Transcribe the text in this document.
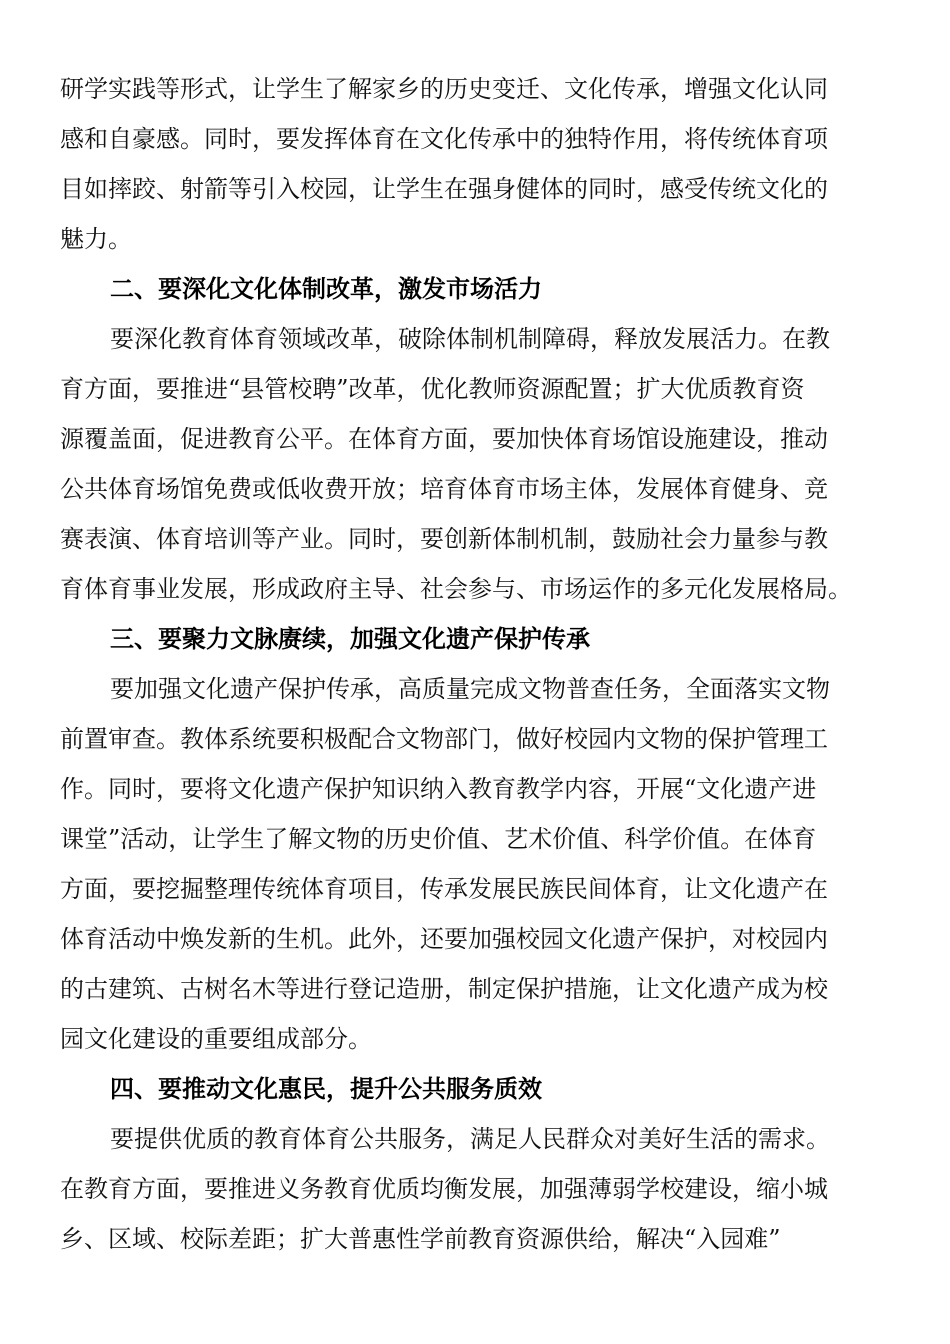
研学实践等形式，让学生了解家乡的历史变迁、文化传承，增强文化认同
感和自豪感。同时，要发挥体育在文化传承中的独特作用，将传统体育项
目如摔跤、射箭等引入校园，让学生在强身健体的同时，感受传统文化的
魅力。
二、要深化文化体制改革，激发市场活力
要深化教育体育领域改革，破除体制机制障碍，释放发展活力。在教
育方面，要推进“县管校聘”改革，优化教师资源配置；扩大优质教育资
源覆盖面，促进教育公平。在体育方面，要加快体育场馆设施建设，推动
公共体育场馆免费或低收费开放；培育体育市场主体，发展体育健身、竞
赛表演、体育培训等产业。同时，要创新体制机制，鼓励社会力量参与教
育体育事业发展，形成政府主导、社会参与、市场运作的多元化发展格局。
三、要聚力文脉赓续，加强文化遗产保护传承
要加强文化遗产保护传承，高质量完成文物普查任务，全面落实文物
前置审查。教体系统要积极配合文物部门，做好校园内文物的保护管理工
作。同时，要将文化遗产保护知识纳入教育教学内容，开展“文化遗产进
课堂”活动，让学生了解文物的历史价值、艺术价值、科学价值。在体育
方面，要挖掘整理传统体育项目，传承发展民族民间体育，让文化遗产在
体育活动中焕发新的生机。此外，还要加强校园文化遗产保护，对校园内
的古建筑、古树名木等进行登记造册，制定保护措施，让文化遗产成为校
园文化建设的重要组成部分。
四、要推动文化惠民，提升公共服务质效
要提供优质的教育体育公共服务，满足人民群众对美好生活的需求。
在教育方面，要推进义务教育优质均衡发展，加强薄弱学校建设，缩小城
乡、区域、校际差距；扩大普惠性学前教育资源供给，解决“入园难”
